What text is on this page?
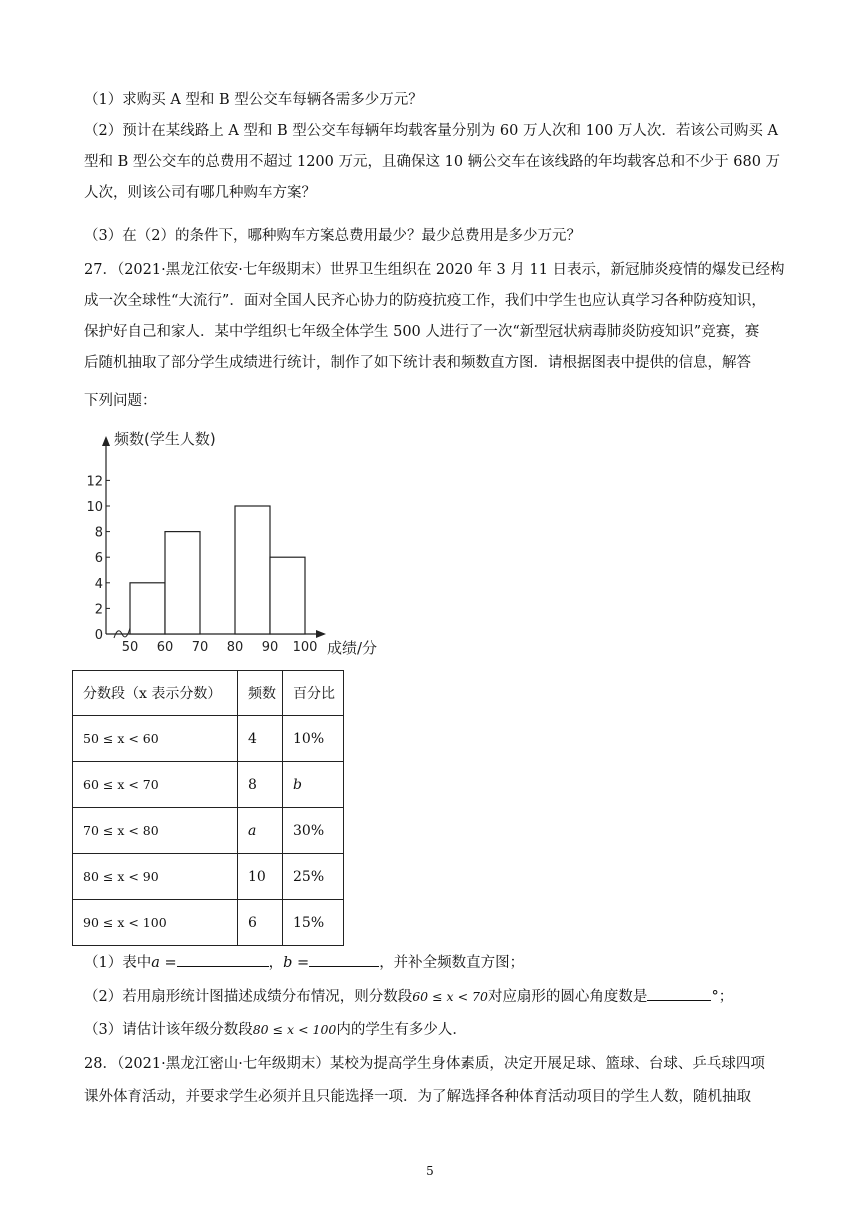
（1）求购买 A 型和 B 型公交车每辆各需多少万元？
（2）预计在某线路上 A 型和 B 型公交车每辆年均载客量分别为 60 万人次和 100 万人次．若该公司购买 A
型和 B 型公交车的总费用不超过 1200 万元，且确保这 10 辆公交车在该线路的年均载客总和不少于 680 万
人次，则该公司有哪几种购车方案？
（3）在（2）的条件下，哪种购车方案总费用最少？最少总费用是多少万元？
27．（2021·黑龙江依安·七年级期末）世界卫生组织在 2020 年 3 月 11 日表示，新冠肺炎疫情的爆发已经构
成一次全球性“大流行”．面对全国人民齐心协力的防疫抗疫工作，我们中学生也应认真学习各种防疫知识，
保护好自己和家人．某中学组织七年级全体学生 500 人进行了一次“新型冠状病毒肺炎防疫知识”竞赛，赛
后随机抽取了部分学生成绩进行统计，制作了如下统计表和频数直方图．请根据图表中提供的信息，解答
下列问题：
0
2
4
6
8
10
12
50 60 70 80 90 100
频数(学生人数)
成绩/分
分数段（x 表示分数）	频数	百分比
50 ≤ x < 60	4	10%
60 ≤ x < 70	8	b
70 ≤ x < 80	a	30%
80 ≤ x < 90	10	25%
90 ≤ x < 100	6	15%
（1）表中a =	，b =	，并补全频数直方图；
（2）若用扇形统计图描述成绩分布情况，则分数段60 ≤ x < 70对应扇形的圆心角度数是	°；
（3）请估计该年级分数段80 ≤ x < 100内的学生有多少人．
28．（2021·黑龙江密山·七年级期末）某校为提高学生身体素质，决定开展足球、篮球、台球、乒乓球四项
课外体育活动，并要求学生必须并且只能选择一项．为了解选择各种体育活动项目的学生人数，随机抽取
5
